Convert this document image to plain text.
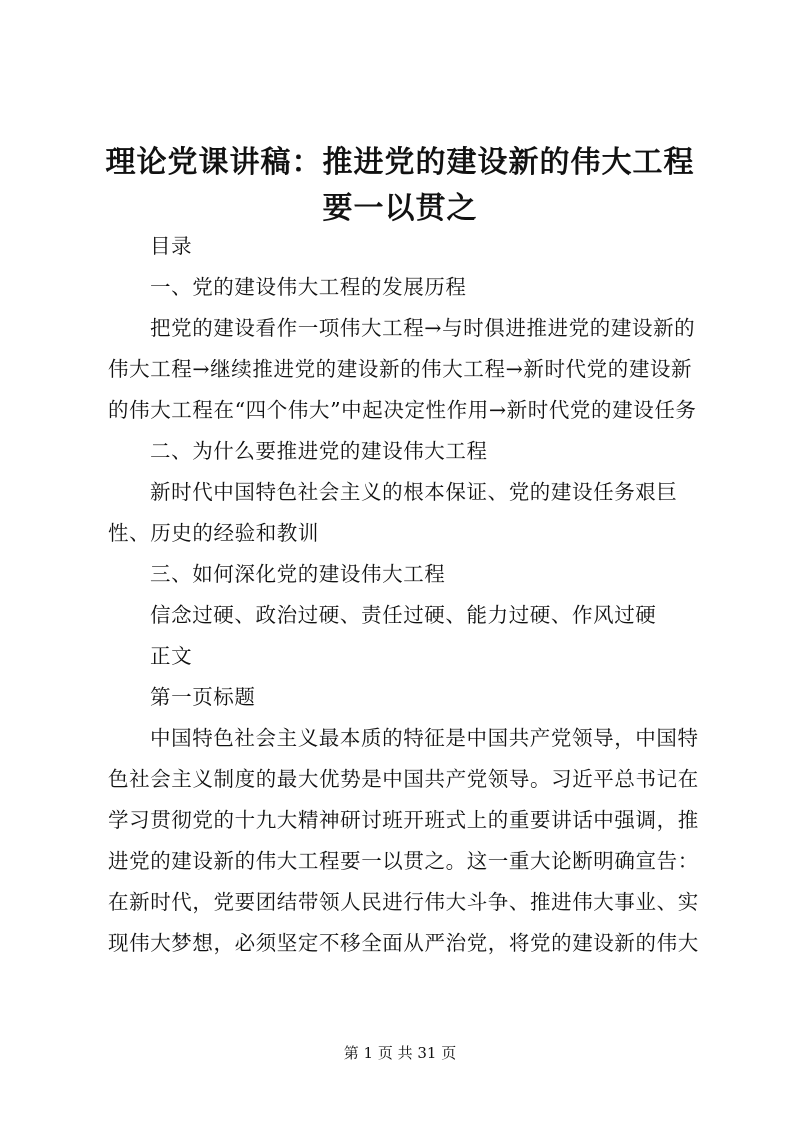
理论党课讲稿：推进党的建设新的伟大工程要一以贯之

目录

一、党的建设伟大工程的发展历程

把党的建设看作一项伟大工程→与时俱进推进党的建设新的伟大工程→继续推进党的建设新的伟大工程→新时代党的建设新的伟大工程在“四个伟大”中起决定性作用→新时代党的建设任务

二、为什么要推进党的建设伟大工程

新时代中国特色社会主义的根本保证、党的建设任务艰巨性、历史的经验和教训

三、如何深化党的建设伟大工程

信念过硬、政治过硬、责任过硬、能力过硬、作风过硬

正文

第一页标题

中国特色社会主义最本质的特征是中国共产党领导，中国特色社会主义制度的最大优势是中国共产党领导。习近平总书记在学习贯彻党的十九大精神研讨班开班式上的重要讲话中强调，推进党的建设新的伟大工程要一以贯之。这一重大论断明确宣告：在新时代，党要团结带领人民进行伟大斗争、推进伟大事业、实现伟大梦想，必须坚定不移全面从严治党，将党的建设新的伟大

第 1 页 共 31 页
